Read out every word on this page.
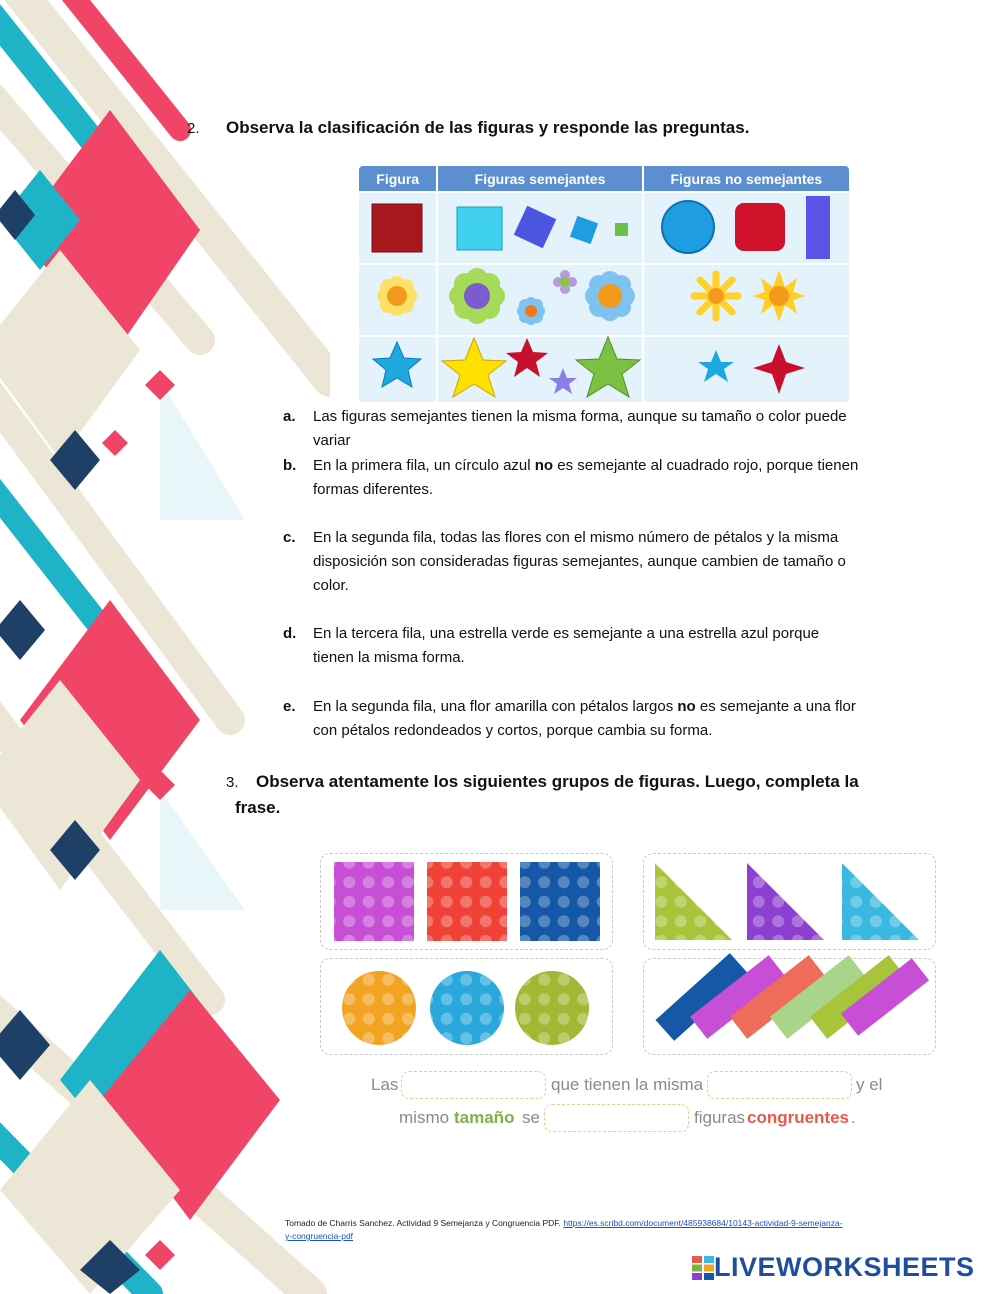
2. Observa la clasificación de las figuras y responde las preguntas.
Figura	Figuras semejantes	Figuras no semejantes
a. Las figuras semejantes tienen la misma forma, aunque su tamaño o color puede variar
b. En la primera fila, un círculo azul no es semejante al cuadrado rojo, porque tienen formas diferentes.
c. En la segunda fila, todas las flores con el mismo número de pétalos y la misma disposición son consideradas figuras semejantes, aunque cambien de tamaño o color.
d. En la tercera fila, una estrella verde es semejante a una estrella azul porque tienen la misma forma.
e. En la segunda fila, una flor amarilla con pétalos largos no es semejante a una flor con pétalos redondeados y cortos, porque cambia su forma.
3. Observa atentamente los siguientes grupos de figuras. Luego, completa la
frase.
Las	que tienen la misma	y el
mismo tamaño se	figuras congruentes .
Tomado de Charris Sanchez. Actividad 9 Semejanza y Congruencia PDF. https://es.scribd.com/document/485938684/10143-actividad-9-semejanza-y-congruencia-pdf
LIVEWORKSHEETS
